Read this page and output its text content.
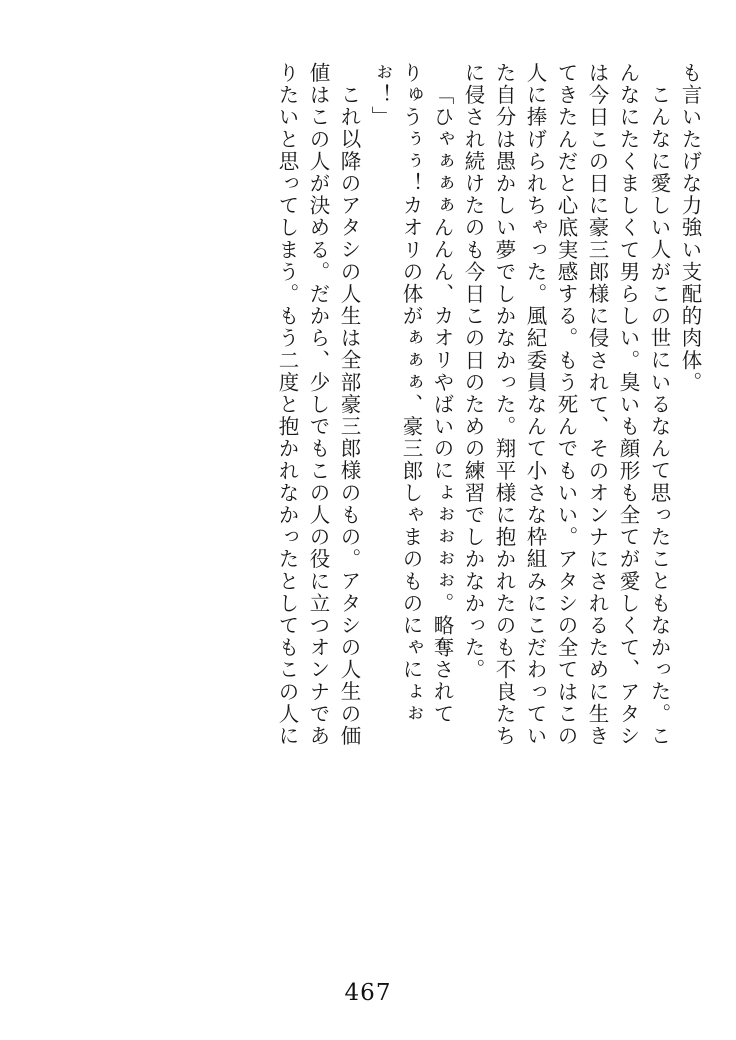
も言いたげな力強い支配的肉体。
こんなに愛しい人がこの世にいるなんて思ったこともなかった。こ
んなにたくましくて男らしい。臭いも顔形も全てが愛しくて、アタシ
は今日この日に豪三郎様に侵されて、そのオンナにされるために生き
てきたんだと心底実感する。もう死んでもいい。アタシの全てはこの
人に捧げられちゃった。風紀委員なんて小さな枠組みにこだわってい
た自分は愚かしい夢でしかなかった。翔平様に抱かれたのも不良たち
に侵され続けたのも今日この日のための練習でしかなかった。
「ひゃぁぁぁんんん、カオリやばいのにょぉぉぉぉ。略奪されて
りゅうぅぅ！カオリの体がぁぁぁ、豪三郎しゃまのものにゃにょぉ
ぉ！」
これ以降のアタシの人生は全部豪三郎様のもの。アタシの人生の価
値はこの人が決める。だから、少しでもこの人の役に立つオンナであ
りたいと思ってしまう。もう二度と抱かれなかったとしてもこの人に
467
